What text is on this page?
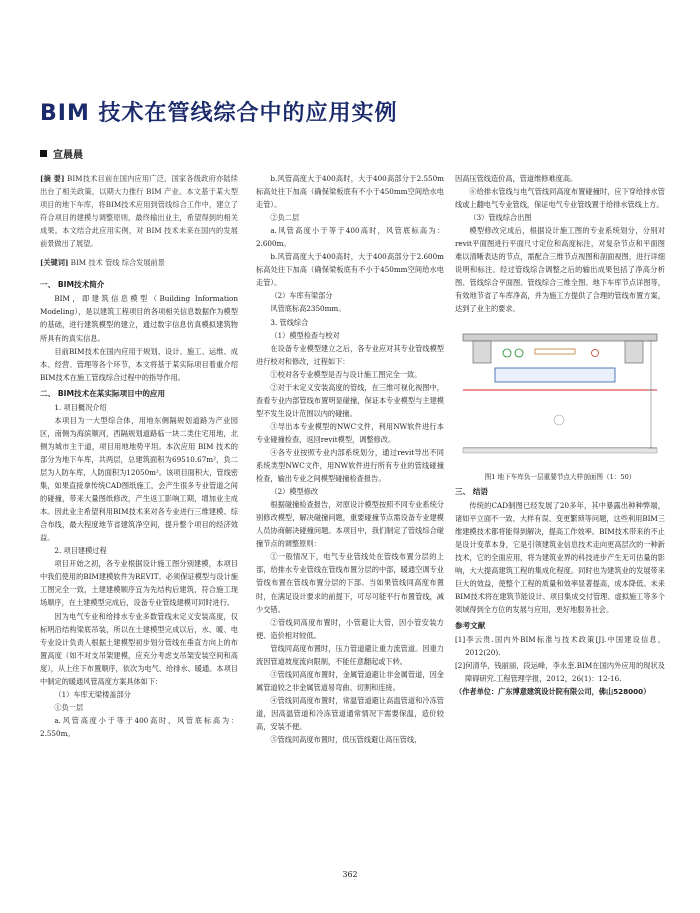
BIM 技术在管线综合中的应用实例
宣晨晨

[摘 要] BIM技术目前在国内应用广泛，国家各级政府亦陆续出台了相关政策，以期大力推行 BIM 产业。本文基于某大型项目的地下车库，将BIM技术应用到管线综合工作中，建立了符合项目的建模与调整原则，最终输出业主，希望得到的相关成果。本文结合此应用实例，对 BIM 技术未来在国内的发展前景做出了展望。

[关键词] BIM 技术 管线 综合发展前景

一、 BIM技术简介

BIM，即建筑信息模型（Building Information Modeling），是以建筑工程项目的各项相关信息数据作为模型的基础，进行建筑模型的建立，通过数字信息仿真模拟建筑物所具有的真实信息。

目前BIM技术在国内应用于规划、设计、施工、运维、成本、经营、管理等各个环节，本文将基于某实际项目着重介绍BIM技术在施工管线综合过程中的指导作用。

二、 BIM技术在某实际项目中的应用

1. 项目概况介绍

本项目为一大型综合体，用地东侧隔规划道路为产业园区，南侧为海滨顺河，西隔规划道路临一块二类住宅用地，北侧为城市主干道，项目用地地势平坦。本次应用 BIM 技术的部分为地下车库，共两层，总建筑面积为69510.67m²，负二层为人防车库，人防面积为12050m²。该项目面积大，管线密集，如果直接拿传统CAD图纸施工，会产生很多专业管道之间的碰撞，带来大量图纸修改，产生返工影响工期，增加业主成本。因此业主希望利用BIM技术来对各专业进行三维建模、综合布线，最大程度地节省建筑净空间，提升整个项目的经济效益。

2. 项目建模过程

项目开始之初，各专业根据设计施工图分别建模，本项目中我们使用的BIM建模软件为REVIT。必须保证模型与设计施工图完全一致，土建建模顺序宜为先结构后建筑，符合施工现场顺序，在土建模型完成后，设备专业管线建模可同时进行。

因为电气专业和给排水专业多数管线未定义安装高度，仅标明沿结构梁底吊装，所以在土建模型完成以后，水、暖、电专业设计负责人根据土建模型初步划分管线在垂直方向上的布置高度（如不对支吊架建模，应充分考虑支吊架安装空间和高度），从上往下布置顺序，依次为电气、给排水、暖通。本项目中制定的暖通风管高度方案具体如下：

（1）车库无梁楼盖部分

①负一层

a.风管高度小于等于400高时，风管底标高为：2.550m。

b.风管高度大于400高时，大于400高部分于2.550m标高处往下加高（确保梁板底有不小于450mm空间给水电走管）。

②负二层

a.风管高度小于等于400高时，风管底标高为：2.600m。

b.风管高度大于400高时，大于400高部分于2.600m标高处往下加高（确保梁板底有不小于450mm空间给水电走管）。

（2）车库有梁部分

风管底标高2350mm。

3. 管线综合

（1）模型检查与校对

在设备专业模型建立之后，各专业应对其专业管线模型进行校对和修改，过程如下：

①校对各专业模型是否与设计施工图完全一致。

②对于未定义安装高度的管线，在三维可视化视图中，查看专业内部管线布置明显碰撞，保证本专业模型与主建模型不发生设计范围以内的碰撞。

③导出本专业模型的NWC文件，利用NW软件进行本专业碰撞检查，返回revit模型，调整修改。

④各专业按照专业内部系统划分，通过revit导出不同系统类型NWC文件，用NW软件进行所有专业的管线碰撞检查，输出专业之间模型碰撞检查报告。

（2）模型修改

根据碰撞检查报告，对原设计模型按照不同专业系统分别修改模型，解决碰撞问题，重要碰撞节点需设备专业建模人员协商解决碰撞问题。本项目中，我们制定了管线综合碰撞节点的调整原则：

①一般情况下，电气专业管线处在管线布置分层的上部，给排水专业管线在管线布置分层的中部，暖通空调专业管线布置在管线布置分层的下部。当如果管线同高度布置时，在满足设计要求的前提下，可尽可能平行布置管线，减少交错。

②管线同高度布置时，小管避让大管，因小管安装方便、造价相对较低。

管线同高度布置时，压力管道避让重力流管道。因重力流因管道坡度流向限制，不能任意翻起或下转。

③管线同高度布置时，金属管道避让非金属管道，因金属管道较之非金属管道易弯曲、切割和连接。

④管线同高度布置时，常温管道避让高温管道和冷冻管道，因高温管道和冷冻管道通常情况下需要保温，造价较高，安装不便。

⑤管线同高度布置时，低压管线避让高压管线，

因高压管线造价高，管道维修难度高。

⑥给排水管线与电气管线同高度布置碰撞时，应下穿给排水管线或上翻电气专业管线，保证电气专业管线置于给排水管线上方。

（3）管线综合出图

模型修改完成后，根据设计施工图的专业系统划分，分别对revit平面图进行平面尺寸定位和高度标注，对复杂节点和平面图难以清晰表达的节点，需配合三维节点视图和剖面视图，进行详细说明和标注。经过管线综合调整之后的输出成果包括了净高分析图、管线综合平面图、管线综合三维全图、地下车库节点详图等，有效地节省了车库净高，并为施工方提供了合理的管线布置方案，达到了业主的要求。

图1 地下车库负一层重要节点大样剖面图（1：50）
三、 结语

传统的CAD制图已经发展了20多年，其中暴露出种种弊端，诸如平立面不一致、大样有误、变更繁琐等问题，这些利用BIM三维建模技术都将能得到解决，提高工作效率。BIM技术带来的不止是设计变革本身，它是引领建筑业信息技术走向更高层次的一种新技术，它的全面应用，将为建筑业界的科技进步产生无可估量的影响，大大提高建筑工程的集成化程度。同时也为建筑业的发展带来巨大的效益，使整个工程的质量和效率显著提高，成本降低。未来BIM技术将在建筑节能设计、项目集成交付管理、虚拟施工等多个领域得到全方位的发展与应用，更好地服务社会。

参考文献

[1]李云贵.国内外BIM标准与技术政策[J].中国建设信息，2012(20).

[2]何清华，钱丽丽，段运峰，李永奎.BIM在国内外应用的现状及障碍研究.工程管理学报，2012，26(1)：12-16.

（作者单位：广东博意建筑设计院有限公司，佛山528000）

362
